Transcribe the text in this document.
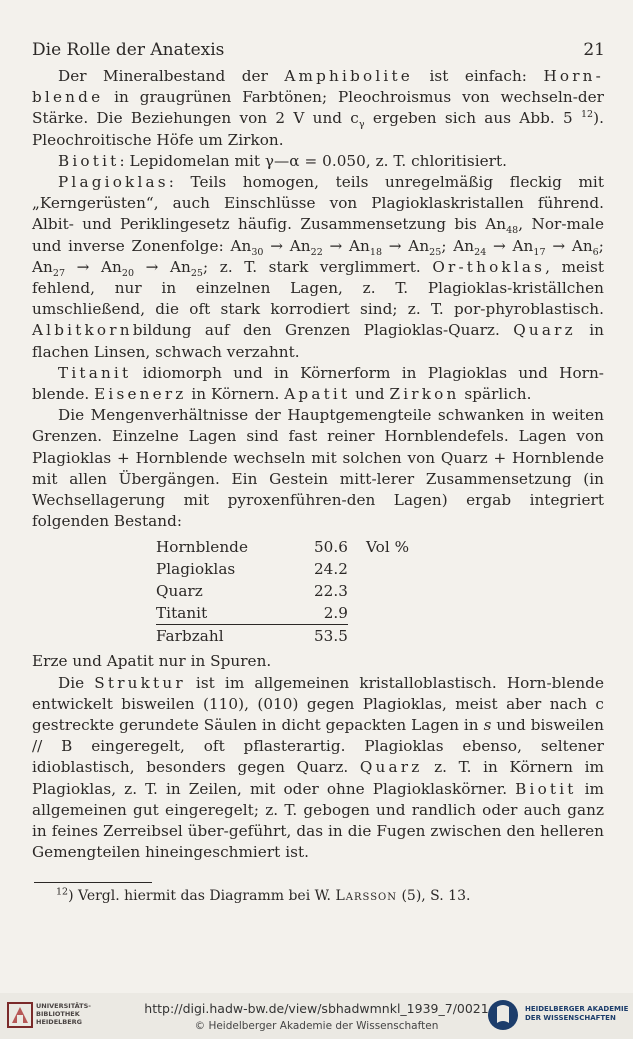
Die Rolle der Anatexis	21

Der Mineralbestand der Amphibolite ist einfach: Horn-blende in graugrünen Farbtönen; Pleochroismus von wechseln-der Stärke. Die Beziehungen von 2 V und $c_\gamma$ ergeben sich aus Abb. 5 $^{12}$). Pleochroitische Höfe um Zirkon.

Biotit: Lepidomelan mit γ—α = 0.050, z. T. chloritisiert.

Plagioklas: Teils homogen, teils unregelmäßig fleckig mit „Kerngerüsten“, auch Einschlüsse von Plagioklaskristallen führend. Albit- und Periklingesetz häufig. Zusammensetzung bis $An_{48}$, Nor-male und inverse Zonenfolge: $An_{30} \to An_{22} \to An_{18} \to An_{25}$; $An_{24} \to An_{17} \to An_6$; $An_{27} \to An_{20} \to An_{25}$; z. T. stark verglimmert. Or-thoklas, meist fehlend, nur in einzelnen Lagen, z. T. Plagioklas-kriställchen umschließend, die oft stark korrodiert sind; z. T. por-phyroblastisch. Albitkornbildung auf den Grenzen Plagioklas-Quarz. Quarz in flachen Linsen, schwach verzahnt.

Titanit idiomorph und in Körnerform in Plagioklas und Horn-blende. Eisenerz in Körnern. Apatit und Zirkon spärlich.

Die Mengenverhältnisse der Hauptgemengteile schwanken in weiten Grenzen. Einzelne Lagen sind fast reiner Hornblendefels. Lagen von Plagioklas + Hornblende wechseln mit solchen von Quarz + Hornblende mit allen Übergängen. Ein Gestein mitt-lerer Zusammensetzung (in Wechsellagerung mit pyroxenführen-den Lagen) ergab integriert folgenden Bestand:

Hornblende	50.6	Vol %
Plagioklas	24.2	
Quarz	22.3	
Titanit	2.9	
Farbzahl	53.5	

Erze und Apatit nur in Spuren.

Die Struktur ist im allgemeinen kristalloblastisch. Horn-blende entwickelt bisweilen (110), (010) gegen Plagioklas, meist aber nach c gestreckte gerundete Säulen in dicht gepackten Lagen in s und bisweilen // B eingeregelt, oft pflasterartig. Plagioklas ebenso, seltener idioblastisch, besonders gegen Quarz. Quarz z. T. in Körnern im Plagioklas, z. T. in Zeilen, mit oder ohne Plagioklaskörner. Biotit im allgemeinen gut eingeregelt; z. T. gebogen und randlich oder auch ganz in feines Zerreibsel über-geführt, das in die Fugen zwischen den helleren Gemengteilen hineingeschmiert ist.

$^{12}$) Vergl. hiermit das Diagramm bei W. Larsson (5), S. 13.
UNIVERSITÄTS-
BIBLIOTHEK
HEIDELBERG
http://digi.hadw-bw.de/view/sbhadwmnkl_1939_7/0021
© Heidelberger Akademie der Wissenschaften
HEIDELBERGER AKADEMIE
DER WISSENSCHAFTEN
